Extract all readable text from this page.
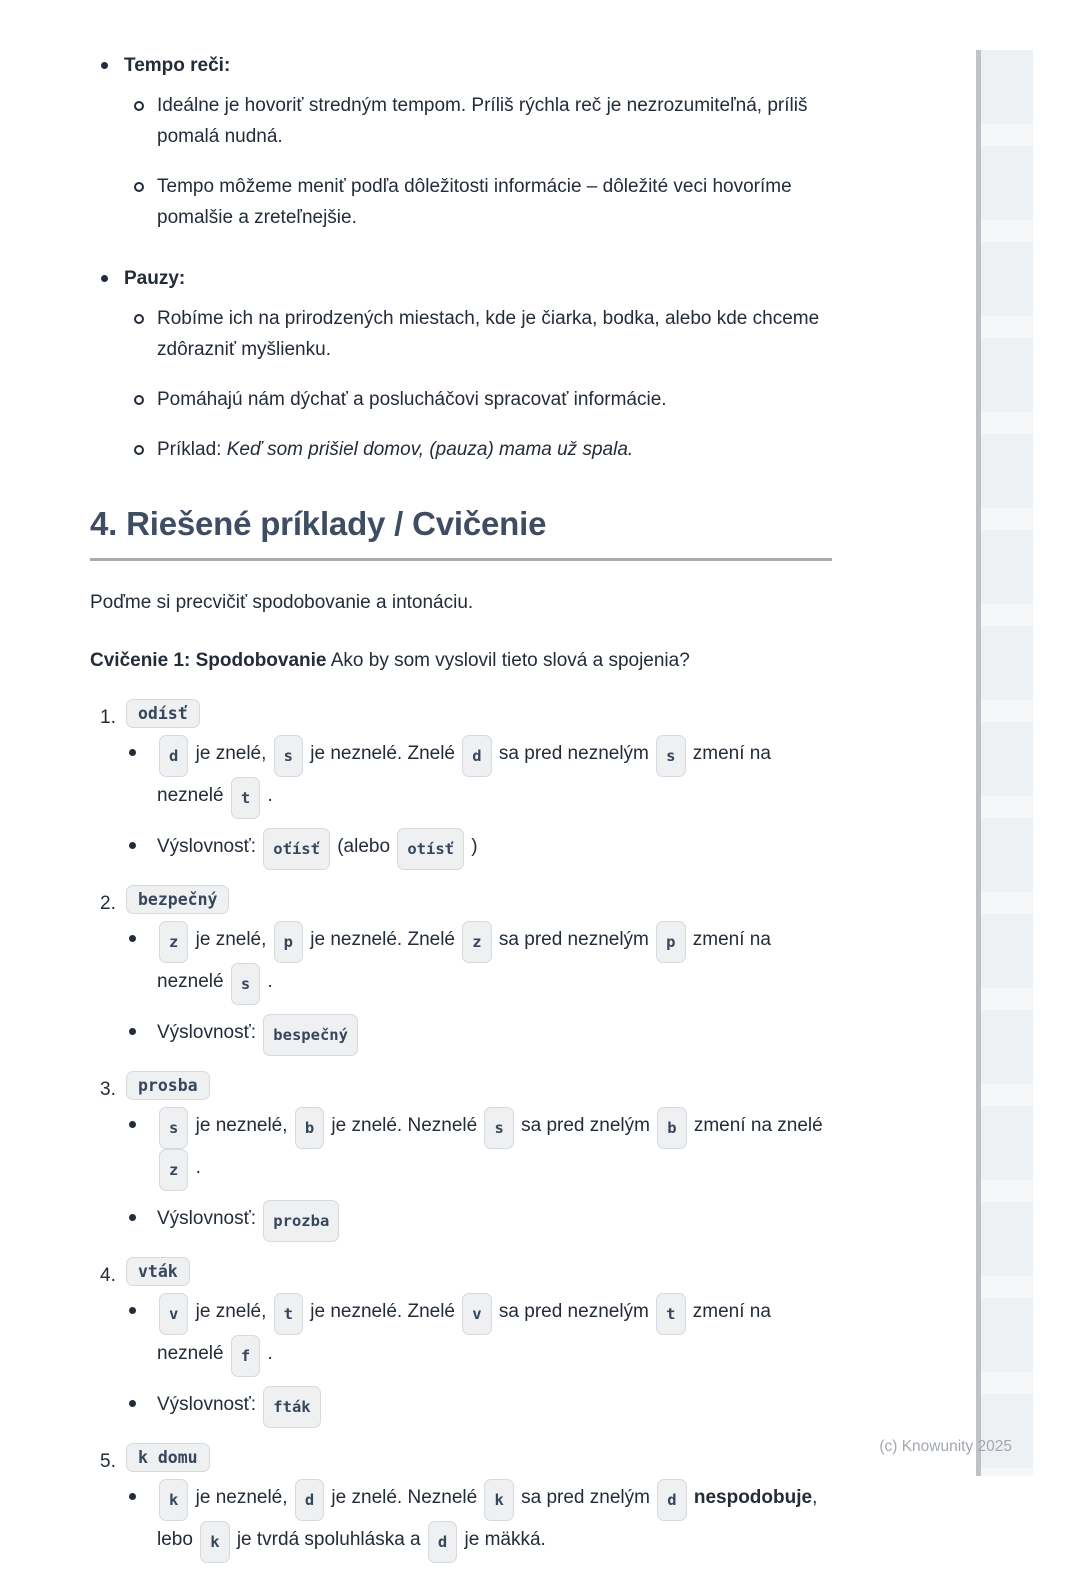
Tempo reči:
Ideálne je hovoriť stredným tempom. Príliš rýchla reč je nezrozumiteľná, príliš pomalá nudná.
Tempo môžeme meniť podľa dôležitosti informácie – dôležité veci hovoríme pomalšie a zreteľnejšie.
Pauzy:
Robíme ich na prirodzených miestach, kde je čiarka, bodka, alebo kde chceme zdôrazniť myšlienku.
Pomáhajú nám dýchať a poslucháčovi spracovať informácie.
Príklad: Keď som prišiel domov, (pauza) mama už spala.
4. Riešené príklady / Cvičenie

Poďme si precvičiť spodobovanie a intonáciu.

Cvičenie 1: Spodobovanie Ako by som vyslovil tieto slová a spojenia?

odísť
d je znelé, s je neznelé. Znelé d sa pred neznelým s zmení na neznelé t .
Výslovnosť: oťísť (alebo otísť )
bezpečný
z je znelé, p je neznelé. Znelé z sa pred neznelým p zmení na neznelé s .
Výslovnosť: bespečný
prosba
s je neznelé, b je znelé. Neznelé s sa pred znelým b zmení na znelé z .
Výslovnosť: prozba
vták
v je znelé, t je neznelé. Znelé v sa pred neznelým t zmení na neznelé f .
Výslovnosť: fták
k domu
k je neznelé, d je znelé. Neznelé k sa pred znelým d nespodobuje, lebo k je tvrdá spoluhláska a d je mäkká.
(c) Knowunity 2025
